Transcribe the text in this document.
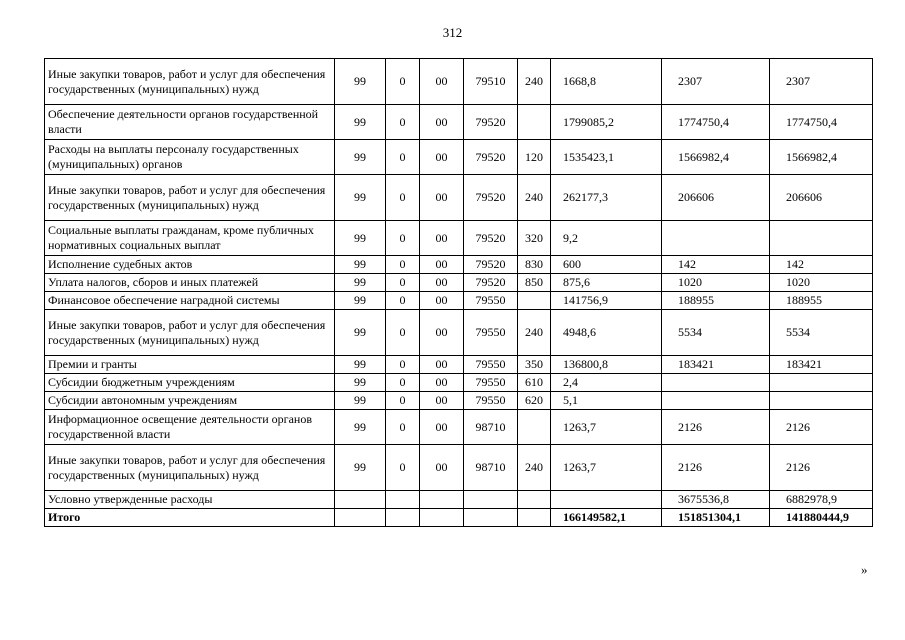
312
Иные закупки товаров, работ и услуг для обеспечения государственных (муниципальных) нужд	99	0	00	79510	240	1668,8	2307	2307
Обеспечение деятельности органов государственной власти	99	0	00	79520		1799085,2	1774750,4	1774750,4
Расходы на выплаты персоналу государственных (муниципальных) органов	99	0	00	79520	120	1535423,1	1566982,4	1566982,4
Иные закупки товаров, работ и услуг для обеспечения государственных (муниципальных) нужд	99	0	00	79520	240	262177,3	206606	206606
Социальные выплаты гражданам, кроме публичных нормативных социальных выплат	99	0	00	79520	320	9,2		
Исполнение судебных актов	99	0	00	79520	830	600	142	142
Уплата налогов, сборов и иных платежей	99	0	00	79520	850	875,6	1020	1020
Финансовое обеспечение наградной системы	99	0	00	79550		141756,9	188955	188955
Иные закупки товаров, работ и услуг для обеспечения государственных (муниципальных) нужд	99	0	00	79550	240	4948,6	5534	5534
Премии и гранты	99	0	00	79550	350	136800,8	183421	183421
Субсидии бюджетным учреждениям	99	0	00	79550	610	2,4		
Субсидии автономным учреждениям	99	0	00	79550	620	5,1		
Информационное освещение деятельности органов государственной власти	99	0	00	98710		1263,7	2126	2126
Иные закупки товаров, работ и услуг для обеспечения государственных (муниципальных) нужд	99	0	00	98710	240	1263,7	2126	2126
Условно утвержденные расходы							3675536,8	6882978,9
Итого						166149582,1	151851304,1	141880444,9
»
